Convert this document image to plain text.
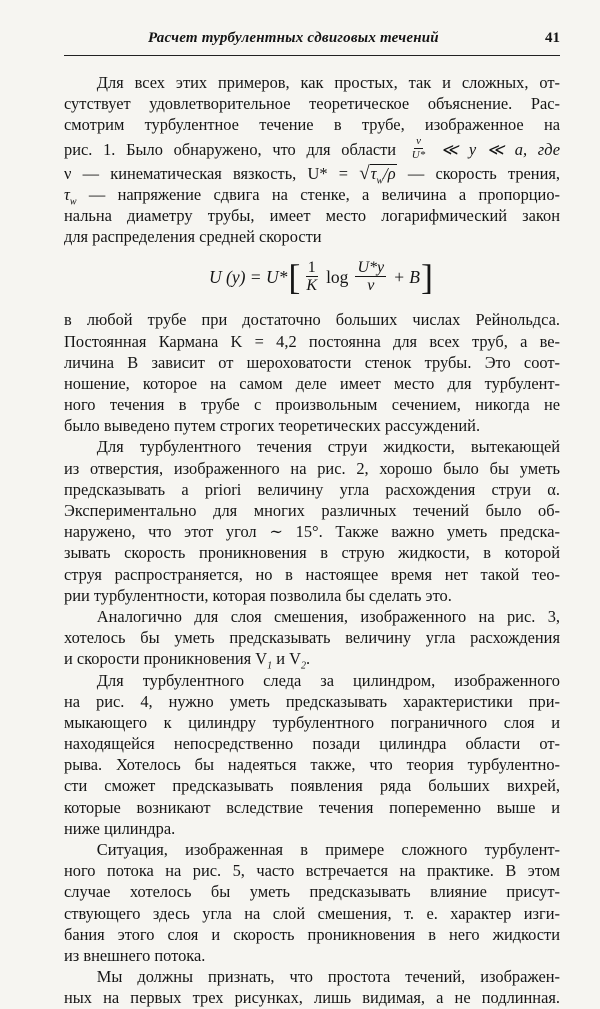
Расчет турбулентных сдвиговых течений	41
Для всех этих примеров, как простых, так и сложных, от-
сутствует удовлетворительное теоретическое объяснение. Рас-
смотрим турбулентное течение в трубе, изображенное на
рис. 1. Было обнаружено, что для области $\frac{\nu}{U*}$ ≪ y ≪ a, где
ν — кинематическая вязкость, U* = √ $\tau_w/\rho$ — скорость трения,
$\tau_w$ — напряжение сдвига на стенке, а величина a пропорцио-
нальна диаметру трубы, имеет место логарифмический закон
для распределения средней скорости
U (y) = U* [ $\frac{1}{K}$ $\log \frac{U*y}{\nu} + B$ ]
в любой трубе при достаточно больших числах Рейнольдса.
Постоянная Кармана K = 4,2 постоянна для всех труб, а ве-
личина B зависит от шероховатости стенок трубы. Это соот-
ношение, которое на самом деле имеет место для турбулент-
ного течения в трубе с произвольным сечением, никогда не
было выведено путем строгих теоретических рассуждений.
Для турбулентного течения струи жидкости, вытекающей
из отверстия, изображенного на рис. 2, хорошо было бы уметь
предсказывать a priori величину угла расхождения струи α.
Экспериментально для многих различных течений было об-
наружено, что этот угол ∼ 15°. Также важно уметь предска-
зывать скорость проникновения в струю жидкости, в которой
струя распространяется, но в настоящее время нет такой тео-
рии турбулентности, которая позволила бы сделать это.
Аналогично для слоя смешения, изображенного на рис. 3,
хотелось бы уметь предсказывать величину угла расхождения
и скорости проникновения $V_1$ и $V_2$.
Для турбулентного следа за цилиндром, изображенного
на рис. 4, нужно уметь предсказывать характеристики при-
мыкающего к цилиндру турбулентного пограничного слоя и
находящейся непосредственно позади цилиндра области от-
рыва. Хотелось бы надеяться также, что теория турбулентно-
сти сможет предсказывать появления ряда больших вихрей,
которые возникают вследствие течения попеременно выше и
ниже цилиндра.
Ситуация, изображенная в примере сложного турбулент-
ного потока на рис. 5, часто встречается на практике. В этом
случае хотелось бы уметь предсказывать влияние присут-
ствующего здесь угла на слой смешения, т. е. характер изги-
бания этого слоя и скорость проникновения в него жидкости
из внешнего потока.
Мы должны признать, что простота течений, изображен-
ных на первых трех рисунках, лишь видимая, а не подлинная.
